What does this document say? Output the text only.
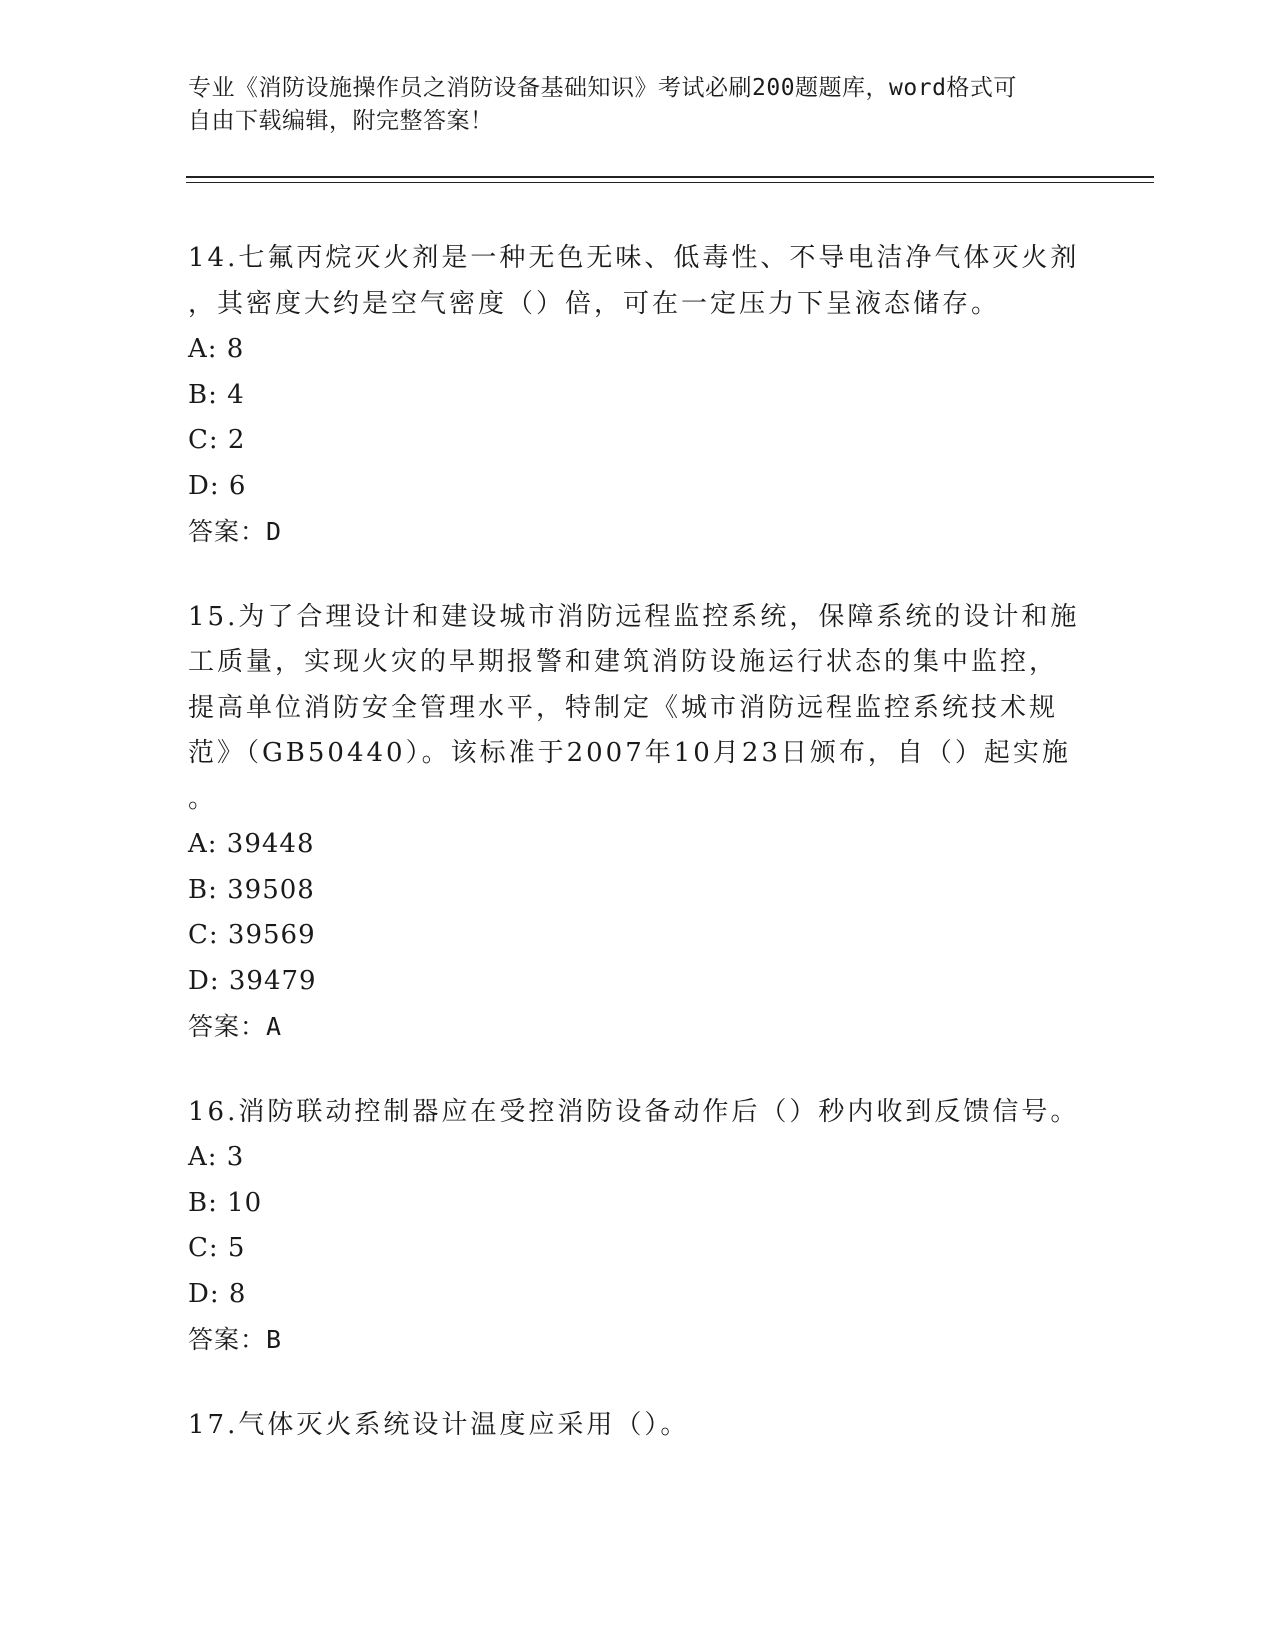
专业《消防设施操作员之消防设备基础知识》考试必刷200题题库，word格式可
自由下载编辑，附完整答案！

14.七氟丙烷灭火剂是一种无色无味、低毒性、不导电洁净气体灭火剂

，其密度大约是空气密度（）倍，可在一定压力下呈液态储存。

A: 8

B: 4

C: 2

D: 6

答案：D

15.为了合理设计和建设城市消防远程监控系统，保障系统的设计和施

工质量，实现火灾的早期报警和建筑消防设施运行状态的集中监控，

提高单位消防安全管理水平，特制定《城市消防远程监控系统技术规

范》（GB50440）。该标准于2007年10月23日颁布，自（）起实施

。

A: 39448

B: 39508

C: 39569

D: 39479

答案：A

16.消防联动控制器应在受控消防设备动作后（）秒内收到反馈信号。

A: 3

B: 10

C: 5

D: 8

答案：B

17.气体灭火系统设计温度应采用（）。
